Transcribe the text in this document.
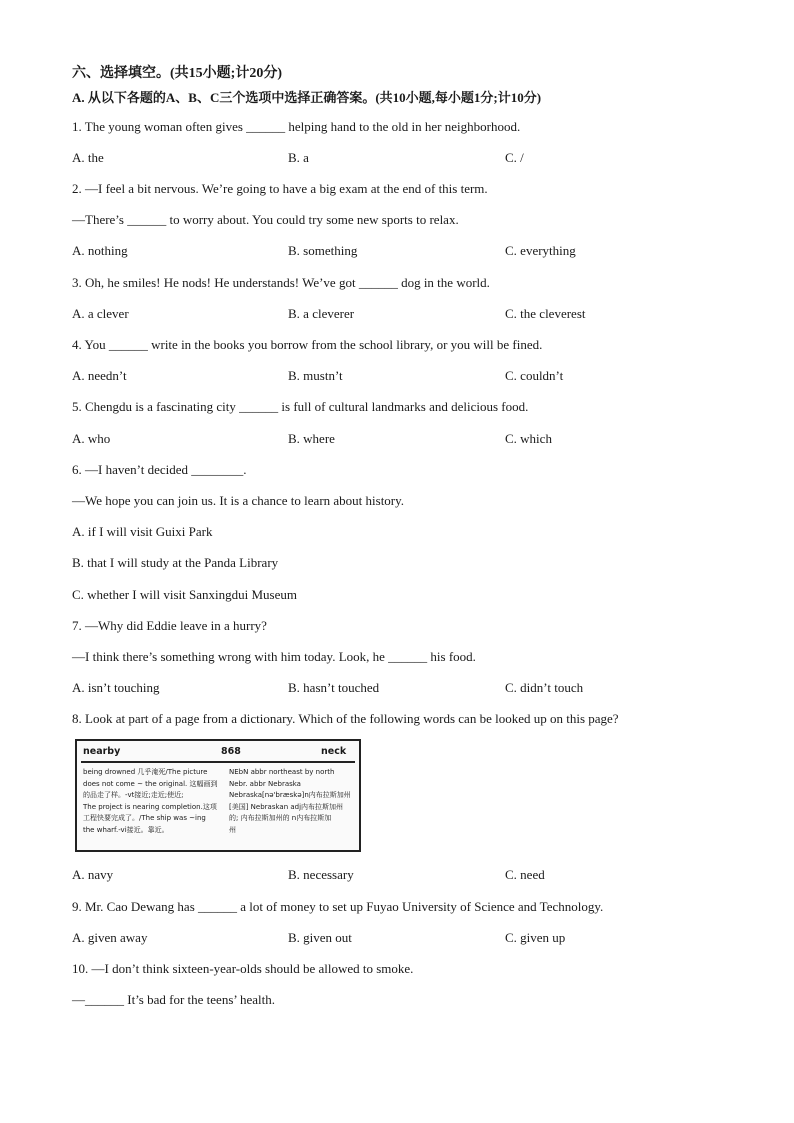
六、选择填空。(共15小题;计20分)
A. 从以下各题的A、B、C三个选项中选择正确答案。(共10小题,每小题1分;计10分)
1. The young woman often gives ______ helping hand to the old in her neighborhood.
A. the	B. a	C. /
2. —I feel a bit nervous. We’re going to have a big exam at the end of this term.
—There’s ______ to worry about. You could try some new sports to relax.
A. nothing	B. something	C. everything
3. Oh, he smiles! He nods! He understands! We’ve got ______ dog in the world.
A. a clever	B. a cleverer	C. the cleverest
4. You ______ write in the books you borrow from the school library, or you will be fined.
A. needn’t	B. mustn’t	C. couldn’t
5. Chengdu is a fascinating city ______ is full of cultural landmarks and delicious food.
A. who	B. where	C. which
6. —I haven’t decided ________.
—We hope you can join us. It is a chance to learn about history.
A. if I will visit Guixi Park
B. that I will study at the Panda Library
C. whether I will visit Sanxingdui Museum
7. —Why did Eddie leave in a hurry?
—I think there’s something wrong with him today. Look, he ______ his food.
A. isn’t touching	B. hasn’t touched	C. didn’t touch
8. Look at part of a page from a dictionary. Which of the following words can be looked up on this page?
nearby	868	neck
being drowned 几乎淹死/The picture
does not come ~ the original. 这幅画到
的品走了样。-vt接近;走近;使近;
The project is nearing completion.这项
工程快要完成了。/The ship was ~ing
the wharf.-vi接近。靠近。
NEbN abbr northeast by north
Nebr. abbr Nebraska
Nebraska[nə'bræskə]n内布拉斯加州
[美国] Nebraskan adj内布拉斯加州
的; 内布拉斯加州的 n内布拉斯加
州
A. navy	B. necessary	C. need
9. Mr. Cao Dewang has ______ a lot of money to set up Fuyao University of Science and Technology.
A. given away	B. given out	C. given up
10. —I don’t think sixteen-year-olds should be allowed to smoke.
—______ It’s bad for the teens’ health.
